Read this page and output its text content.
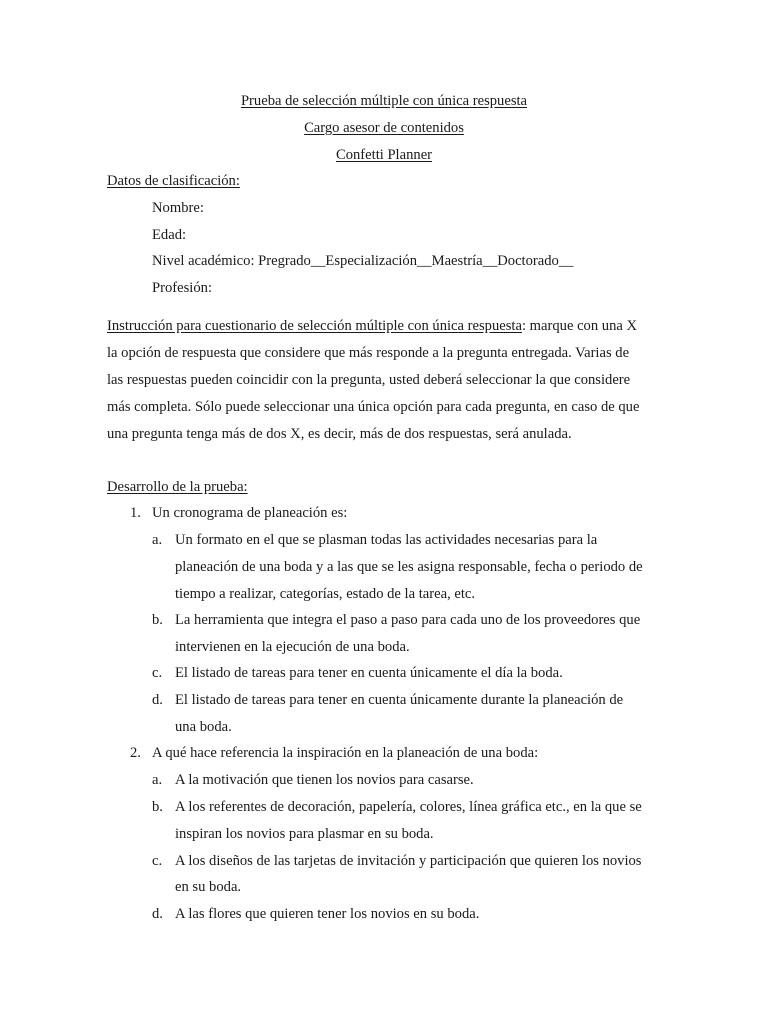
Prueba de selección múltiple con única respuesta
Cargo asesor de contenidos
Confetti Planner
Datos de clasificación:
Nombre:
Edad:
Nivel académico: Pregrado__Especialización__Maestría__Doctorado__
Profesión:
Instrucción para cuestionario de selección múltiple con única respuesta: marque con una X
la opción de respuesta que considere que más responde a la pregunta entregada. Varias de
las respuestas pueden coincidir con la pregunta, usted deberá seleccionar la que considere
más completa. Sólo puede seleccionar una única opción para cada pregunta, en caso de que
una pregunta tenga más de dos X, es decir, más de dos respuestas, será anulada.
Desarrollo de la prueba:
1. Un cronograma de planeación es:
a. Un formato en el que se plasman todas las actividades necesarias para la
planeación de una boda y a las que se les asigna responsable, fecha o periodo de
tiempo a realizar, categorías, estado de la tarea, etc.
b. La herramienta que integra el paso a paso para cada uno de los proveedores que
intervienen en la ejecución de una boda.
c. El listado de tareas para tener en cuenta únicamente el día la boda.
d. El listado de tareas para tener en cuenta únicamente durante la planeación de
una boda.
2. A qué hace referencia la inspiración en la planeación de una boda:
a. A la motivación que tienen los novios para casarse.
b. A los referentes de decoración, papelería, colores, línea gráfica etc., en la que se
inspiran los novios para plasmar en su boda.
c. A los diseños de las tarjetas de invitación y participación que quieren los novios
en su boda.
d. A las flores que quieren tener los novios en su boda.
